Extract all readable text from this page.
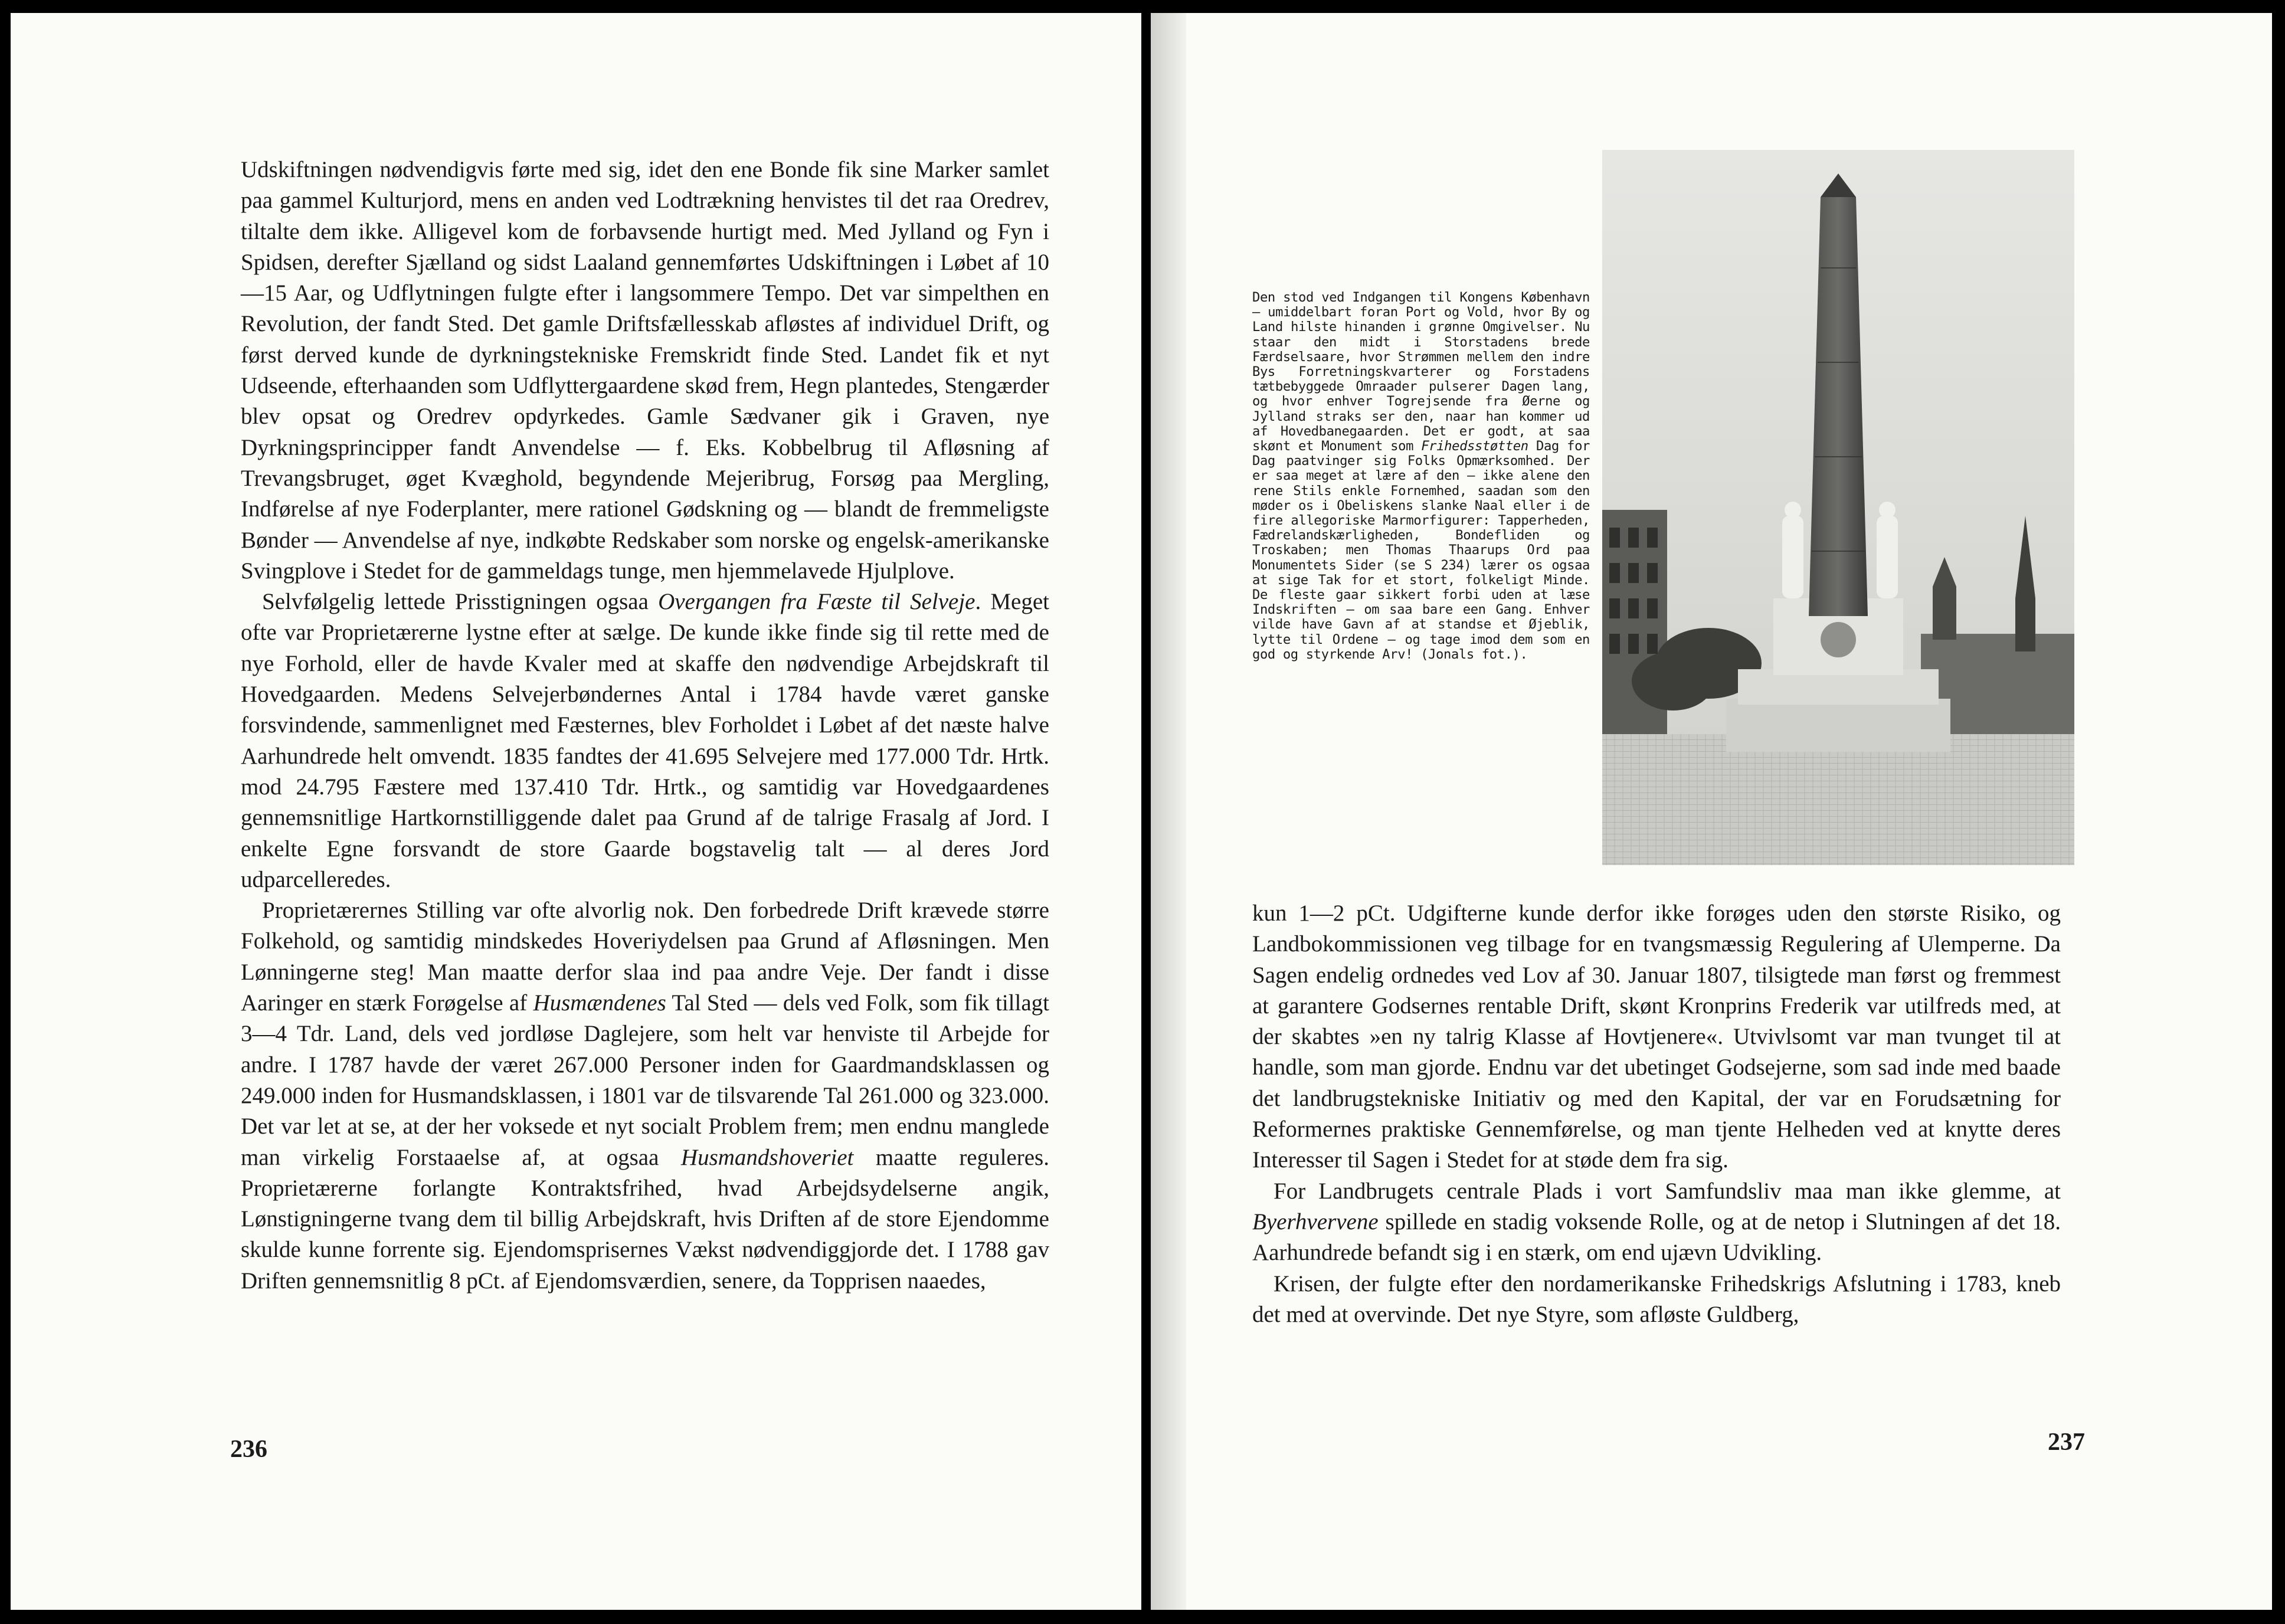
Udskiftningen nødvendigvis førte med sig, idet den ene Bonde fik sine Marker samlet paa gammel Kulturjord, mens en anden ved Lodtrækning henvistes til det raa Oredrev, tiltalte dem ikke. Alligevel kom de forbavsende hurtigt med. Med Jylland og Fyn i Spidsen, derefter Sjælland og sidst Laaland gennemførtes Udskiftningen i Løbet af 10—15 Aar, og Udflytningen fulgte efter i langsommere Tempo. Det var simpelthen en Revolution, der fandt Sted. Det gamle Driftsfællesskab afløstes af individuel Drift, og først derved kunde de dyrkningstekniske Fremskridt finde Sted. Landet fik et nyt Udseende, efterhaanden som Udflyttergaardene skød frem, Hegn plantedes, Stengærder blev opsat og Oredrev opdyrkedes. Gamle Sædvaner gik i Graven, nye Dyrkningsprincipper fandt Anvendelse — f. Eks. Kobbelbrug til Afløsning af Trevangsbruget, øget Kvæghold, begyndende Mejeribrug, Forsøg paa Mergling, Indførelse af nye Foderplanter, mere rationel Gødskning og — blandt de fremmeligste Bønder — Anvendelse af nye, indkøbte Redskaber som norske og engelsk-amerikanske Svingplove i Stedet for de gammeldags tunge, men hjemmelavede Hjulplove.

Selvfølgelig lettede Prisstigningen ogsaa Overgangen fra Fæste til Selveje. Meget ofte var Proprietærerne lystne efter at sælge. De kunde ikke finde sig til rette med de nye Forhold, eller de havde Kvaler med at skaffe den nødvendige Arbejdskraft til Hovedgaarden. Medens Selvejerbøndernes Antal i 1784 havde været ganske forsvindende, sammenlignet med Fæsternes, blev Forholdet i Løbet af det næste halve Aarhundrede helt omvendt. 1835 fandtes der 41.695 Selvejere med 177.000 Tdr. Hrtk. mod 24.795 Fæstere med 137.410 Tdr. Hrtk., og samtidig var Hovedgaardenes gennemsnitlige Hartkornstilliggende dalet paa Grund af de talrige Frasalg af Jord. I enkelte Egne forsvandt de store Gaarde bogstavelig talt — al deres Jord udparcelleredes.

Proprietærernes Stilling var ofte alvorlig nok. Den forbedrede Drift krævede større Folkehold, og samtidig mindskedes Hoveriydelsen paa Grund af Afløsningen. Men Lønningerne steg! Man maatte derfor slaa ind paa andre Veje. Der fandt i disse Aaringer en stærk Forøgelse af Husmændenes Tal Sted — dels ved Folk, som fik tillagt 3—4 Tdr. Land, dels ved jordløse Daglejere, som helt var henviste til Arbejde for andre. I 1787 havde der været 267.000 Personer inden for Gaardmandsklassen og 249.000 inden for Husmandsklassen, i 1801 var de tilsvarende Tal 261.000 og 323.000. Det var let at se, at der her voksede et nyt socialt Problem frem; men endnu manglede man virkelig Forstaaelse af, at ogsaa Husmandshoveriet maatte reguleres. Proprietærerne forlangte Kontraktsfrihed, hvad Arbejdsydelserne angik, Lønstigningerne tvang dem til billig Arbejdskraft, hvis Driften af de store Ejendomme skulde kunne forrente sig. Ejendomsprisernes Vækst nødvendiggjorde det. I 1788 gav Driften gennemsnitlig 8 pCt. af Ejendomsværdien, senere, da Topprisen naaedes,

236
Den stod ved Indgangen til Kongens København — umiddelbart foran Port og Vold, hvor By og Land hilste hinanden i grønne Omgivelser. Nu staar den midt i Storstadens brede Færdselsaare, hvor Strømmen mellem den indre Bys Forretningskvarterer og Forstadens tætbebyggede Omraader pulserer Dagen lang, og hvor enhver Togrejsende fra Øerne og Jylland straks ser den, naar han kommer ud af Hovedbanegaarden. Det er godt, at saa skønt et Monument som Frihedsstøtten Dag for Dag paatvinger sig Folks Opmærksomhed. Der er saa meget at lære af den — ikke alene den rene Stils enkle Fornemhed, saadan som den møder os i Obeliskens slanke Naal eller i de fire allegoriske Marmorfigurer: Tapperheden, Fædrelandskærligheden, Bondefliden og Troskaben; men Thomas Thaarups Ord paa Monumentets Sider (se S 234) lærer os ogsaa at sige Tak for et stort, folkeligt Minde. De fleste gaar sikkert forbi uden at læse Indskriften — om saa bare een Gang. Enhver vilde have Gavn af at standse et Øjeblik, lytte til Ordene — og tage imod dem som en god og styrkende Arv! (Jonals fot.).

kun 1—2 pCt. Udgifterne kunde derfor ikke forøges uden den største Risiko, og Landbokommissionen veg tilbage for en tvangsmæssig Regulering af Ulemperne. Da Sagen endelig ordnedes ved Lov af 30. Januar 1807, tilsigtede man først og fremmest at garantere Godsernes rentable Drift, skønt Kronprins Frederik var utilfreds med, at der skabtes »en ny talrig Klasse af Hovtjenere«. Utvivlsomt var man tvunget til at handle, som man gjorde. Endnu var det ubetinget Godsejerne, som sad inde med baade det landbrugstekniske Initiativ og med den Kapital, der var en Forudsætning for Reformernes praktiske Gennemførelse, og man tjente Helheden ved at knytte deres Interesser til Sagen i Stedet for at støde dem fra sig.

For Landbrugets centrale Plads i vort Samfundsliv maa man ikke glemme, at Byerhvervene spillede en stadig voksende Rolle, og at de netop i Slutningen af det 18. Aarhundrede befandt sig i en stærk, om end ujævn Udvikling.

Krisen, der fulgte efter den nordamerikanske Frihedskrigs Afslutning i 1783, kneb det med at overvinde. Det nye Styre, som afløste Guldberg,

237
